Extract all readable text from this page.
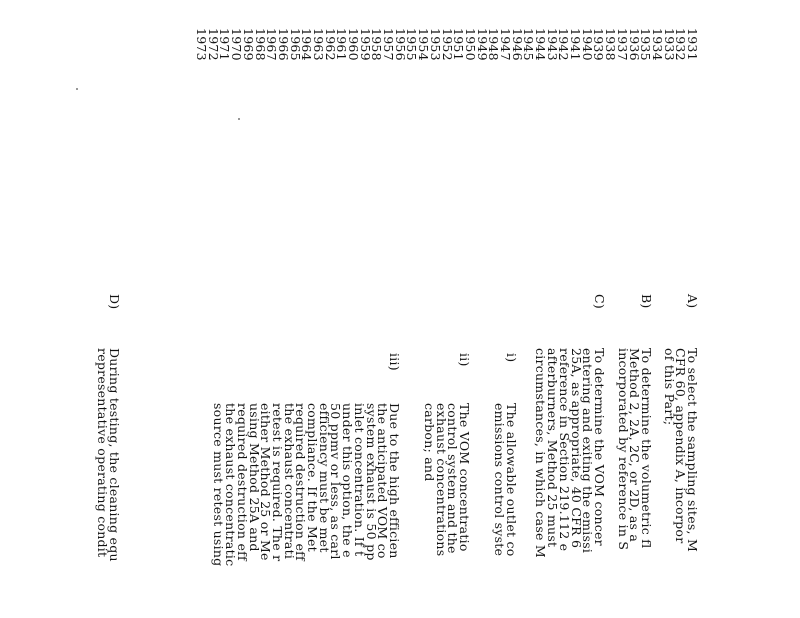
1931
1932
1933
1934
1935
1936
1937
1938
1939
1940
1941
1942
1943
1944
1945
1946
1947
1948
1949
1950
1951
1952
1953
1954
1955
1956
1957
1958
1959
1960
1961
1962
1963
1964
1965
1966
1967
1968
1969
1970
1971
1972
1973
A)
To select the sampling sites, M
CFR 60, appendix A, incorpor
of this Part;
B)
To determine the volumetric fl
Method 2, 2A, 2C, or 2D, as a
incorporated by reference in S
C)
To determine the VOM concer
entering and exiting the emissi
25A, as appropriate, 40 CFR 6
reference in Section 219.112 e
afterburners, Method 25 must
circumstances, in which case M
i)
The allowable outlet co
emissions control syste
ii)
The VOM concentratio
control system and the
exhaust concentrations
carbon; and
iii)
Due to the high efficien
the anticipated VOM co
system exhaust is 50 pp
inlet concentration. If t
under this option, the e
50 ppmv or less, as carl
efficiency must be met
compliance. If the Met
required destruction eff
the exhaust concentrati
retest is required. The r
either Method 25 or Me
using Method 25A and
required destruction eff
the exhaust concentratic
source must retest using
D)
During testing, the cleaning equ
representative operating condit
